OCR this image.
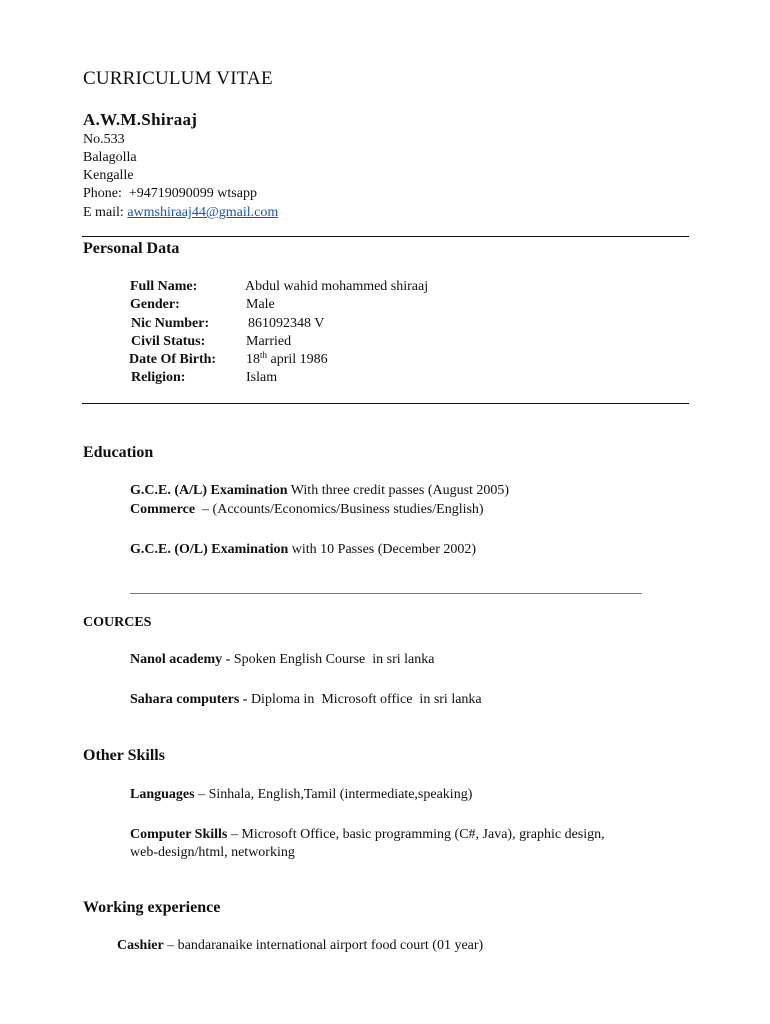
CURRICULUM VITAE
A.W.M.Shiraaj
No.533
Balagolla
Kengalle
Phone: +94719090099 wtsapp
E mail: awmshiraaj44@gmail.com
Personal Data
Full Name:	Abdul wahid mohammed shiraaj
Gender:	Male
Nic Number:	861092348 V
Civil Status:	Married
Date Of Birth: 18th april 1986
Religion:	Islam
Education
G.C.E. (A/L) Examination With three credit passes (August 2005)
Commerce  – (Accounts/Economics/Business studies/English)
G.C.E. (O/L) Examination with 10 Passes (December 2002)
COURCES
Nanol academy - Spoken English Course  in sri lanka
Sahara computers - Diploma in  Microsoft office  in sri lanka
Other Skills
Languages – Sinhala, English,Tamil (intermediate,speaking)
Computer Skills – Microsoft Office, basic programming (C#, Java), graphic design,
web-design/html, networking
Working experience
Cashier – bandaranaike international airport food court (01 year)
